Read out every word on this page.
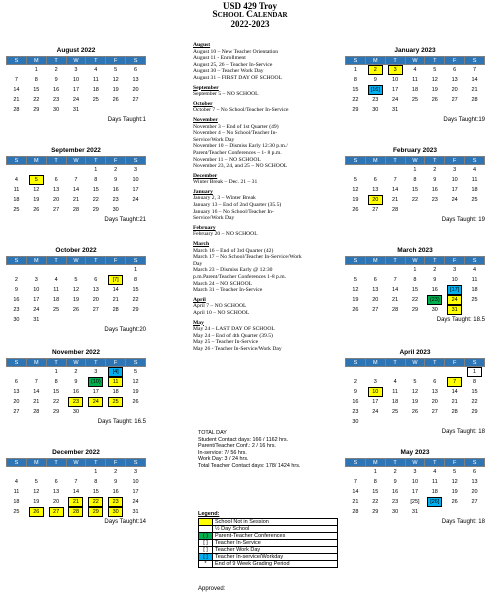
USD 429 Troy
School Calendar
2022-2023
August 2022
S	M	T	W	T	F	S
	1	2	3	4	5	6
7	8	9	10	11	12	13
14	15	16	17	18	19	20
21	22	23	24	25	26	27
28	29	30	31			
Days Taught:1
September 2022
S	M	T	W	T	F	S
				1	2	3
4	5	6	7	8	9	10
11	12	13	14	15	16	17
18	19	20	21	22	23	24
25	26	27	28	29	30	
Days Taught:21
October 2022
S	M	T	W	T	F	S
						1
2	3	4	5	6	[7]	8
9	10	11	12	13	14	15
16	17	18	19	20	21	22
23	24	25	26	27	28	29
30	31					
Days Taught:20
November 2022
S	M	T	W	T	F	S
		1	2	3	[4]	5
6	7	8	9	(10)	11	12
13	14	15	16	17	18	19
20	21	22	23	24	25	26
27	28	29	30			
Days Taught: 16.5
December 2022
S	M	T	W	T	F	S
				1	2	3
4	5	6	7	8	9	10
11	12	13	14	15	16	17
18	19	20	21	22	23	24
25	26	27	28	29	30	31
Days Taught:14
January 2023
S	M	T	W	T	F	S
1	2	3	4	5	6	7
8	9	10	11	12	13	14
15	[16]	17	18	19	20	21
22	23	24	25	26	27	28
29	30	31				
Days Taught:19
February 2023
S	M	T	W	T	F	S
			1	2	3	4
5	6	7	8	9	10	11
12	13	14	15	16	17	18
19	20	21	22	23	24	25
26	27	28				
Days Taught: 19
March 2023
S	M	T	W	T	F	S
			1	2	3	4
5	6	7	8	9	10	11
12	13	14	15	16	[17]	18
19	20	21	22	(23)	24	25
26	27	28	29	30	31	
Days Taught: 18.5
April 2023
S	M	T	W	T	F	S
						1
2	3	4	5	6	7	8
9	10	11	12	13	14	15
16	17	18	19	20	21	22
23	24	25	26	27	28	29
30						
Days Taught: 18
May 2023
S	M	T	W	T	F	S
	1	2	3	4	5	6
7	8	9	10	11	12	13
14	15	16	17	18	19	20
21	22	23	[25]	[26]	26	27
28	29	30	31			
Days Taught: 18
August
August 10 – New Teacher Orientation
August 11 - Enrollment
August 25, 26 – Teacher In-Service
August 30 – Teacher Work Day
August 31 – FIRST DAY OF SCHOOL
September
September 5 – NO SCHOOL
October
October 7 – No School/Teacher In-Service
November
November 3 – End of 1st Quarter (49)
November 4 – No School/Teacher In-
Service/Work Day
November 10 – Dismiss Early 12:30 p.m./
Parent/Teacher Conferences – 1- 8 p.m.
November 11 – NO SCHOOL
November 23, 24, and 25 – NO SCHOOL
December
Winter Break – Dec. 21 – 31
January
January 2, 3 – Winter Break
January 13 – End of 2nd Quarter (35.5)
January 16 – No School/Teacher In-
Service/Work Day
February
February 20 – NO SCHOOL
March
March 16 – End of 3rd Quarter (42)
March 17 – No School/Teacher In-Service/Work
Day
March 23 – Dismiss Early @ 12:30
p.m.Parent/Teacher Conferences 1-8 p.m.
March 24 – NO SCHOOL
March 31 – Teacher In-Service
April
April 7 – NO SCHOOL
April 10 – NO SCHOOL
May
May 24 – LAST DAY OF SCHOOL
May 24 – End of 4th Quarter (39.5)
May 25 – Teacher In-Service
May 26 - Teacher In-Service/Work Day
TOTAL DAY
Student Contact days: 166 / 1162 hrs.
Parent/Teacher Conf.: 2 / 16 hrs.
In-service: 7/ 56 hrs.
Work Day: 3 / 24 hrs.
Total Teacher Contact days: 178/ 1424 hrs.
Legend:
	School Not in Session
	½ Day School
( )	Parent-Teacher Conferences
[ ]	Teacher In-Service
[ ]	Teacher Work Day
[ ]	Teacher In-service/Workday
*	End of 9 Week Grading Period
Approved:
